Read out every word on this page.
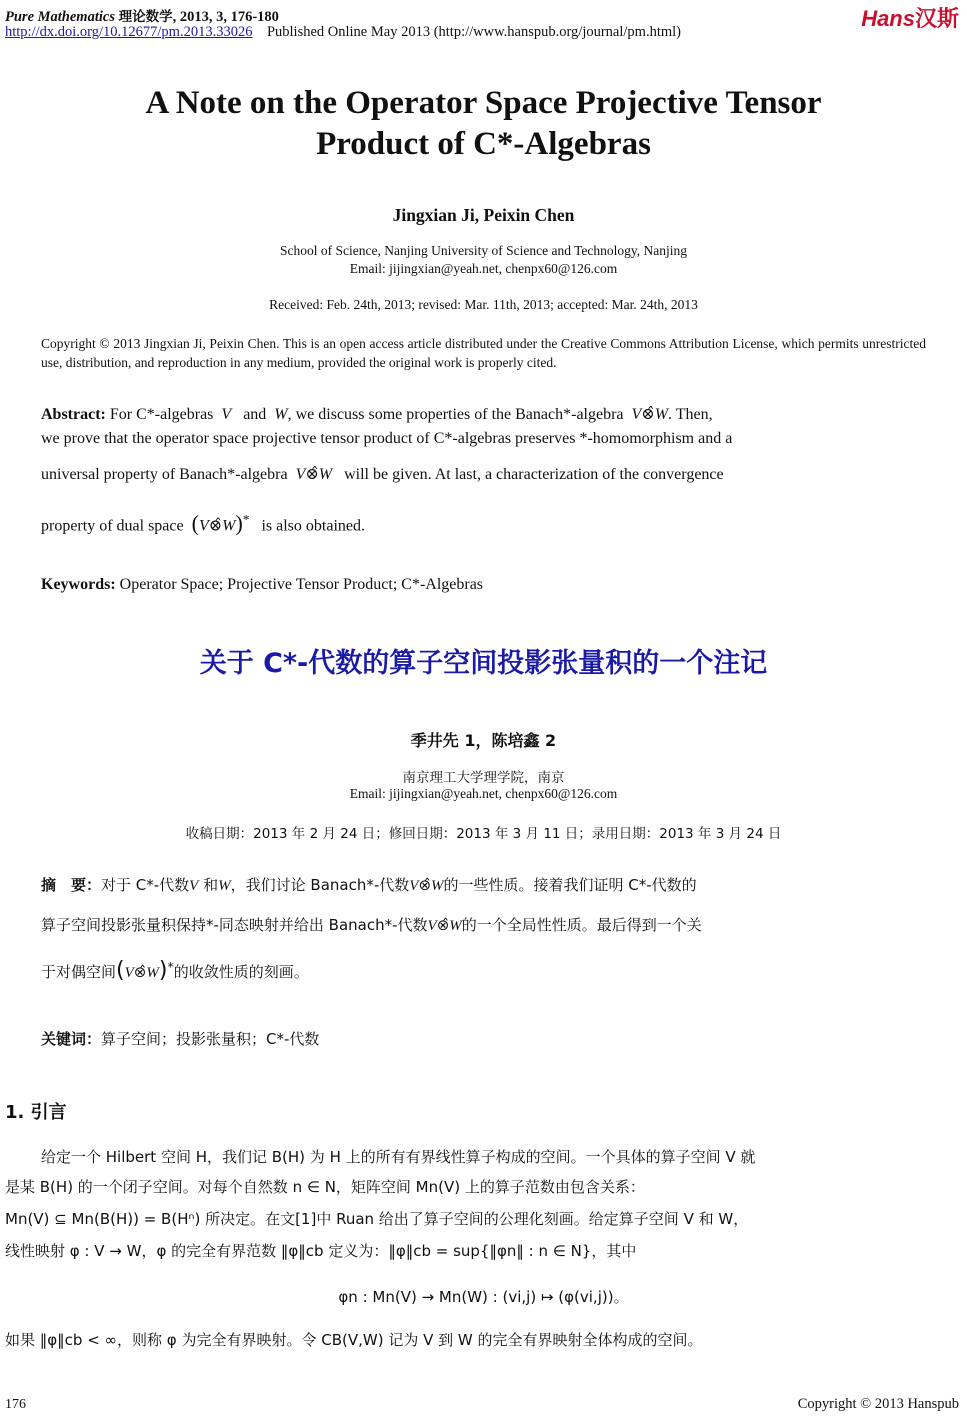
Pure Mathematics 理论数学, 2013, 3, 176-180
http://dx.doi.org/10.12677/pm.2013.33026 Published Online May 2013 (http://www.hanspub.org/journal/pm.html)
Hans汉斯
A Note on the Operator Space Projective Tensor
Product of C*-Algebras
Jingxian Ji, Peixin Chen
School of Science, Nanjing University of Science and Technology, Nanjing
Email: jijingxian@yeah.net, chenpx60@126.com
Received: Feb. 24th, 2013; revised: Mar. 11th, 2013; accepted: Mar. 24th, 2013
Copyright © 2013 Jingxian Ji, Peixin Chen. This is an open access article distributed under the Creative Commons Attribution License, which permits unrestricted use, distribution, and reproduction in any medium, provided the original work is properly cited.
Abstract: For C*-algebras V and W, we discuss some properties of the Banach*-algebra V⊗̂W. Then,
we prove that the operator space projective tensor product of C*-algebras preserves *-homomorphism and a
universal property of Banach*-algebra V⊗̂W will be given. At last, a characterization of the convergence
property of dual space (V⊗̂W)* is also obtained.
Keywords: Operator Space; Projective Tensor Product; C*-Algebras
关于 C*-代数的算子空间投影张量积的一个注记
季井先 1，陈培鑫 2
南京理工大学理学院，南京
Email: jijingxian@yeah.net, chenpx60@126.com
收稿日期：2013 年 2 月 24 日；修回日期：2013 年 3 月 11 日；录用日期：2013 年 3 月 24 日
摘　要：对于 C*-代数V 和W，我们讨论 Banach*-代数V⊗̂W的一些性质。接着我们证明 C*-代数的
算子空间投影张量积保持*-同态映射并给出 Banach*-代数V⊗̂W的一个全局性性质。最后得到一个关
于对偶空间(V⊗̂W)*的收敛性质的刻画。
关键词：算子空间；投影张量积；C*-代数
1. 引言
给定一个 Hilbert 空间 H，我们记 B(H) 为 H 上的所有有界线性算子构成的空间。一个具体的算子空间 V 就
是某 B(H) 的一个闭子空间。对每个自然数 n ∈ N，矩阵空间 Mn(V) 上的算子范数由包含关系：
Mn(V) ⊆ Mn(B(H)) = B(Hⁿ) 所决定。在文[1]中 Ruan 给出了算子空间的公理化刻画。给定算子空间 V 和 W，
线性映射 φ : V → W，φ 的完全有界范数 ‖φ‖cb 定义为：‖φ‖cb = sup{‖φn‖ : n ∈ N}，其中
φn : Mn(V) → Mn(W) : (vi,j) ↦ (φ(vi,j))。
如果 ‖φ‖cb < ∞，则称 φ 为完全有界映射。令 CB(V,W) 记为 V 到 W 的完全有界映射全体构成的空间。
176	Copyright © 2013 Hanspub
